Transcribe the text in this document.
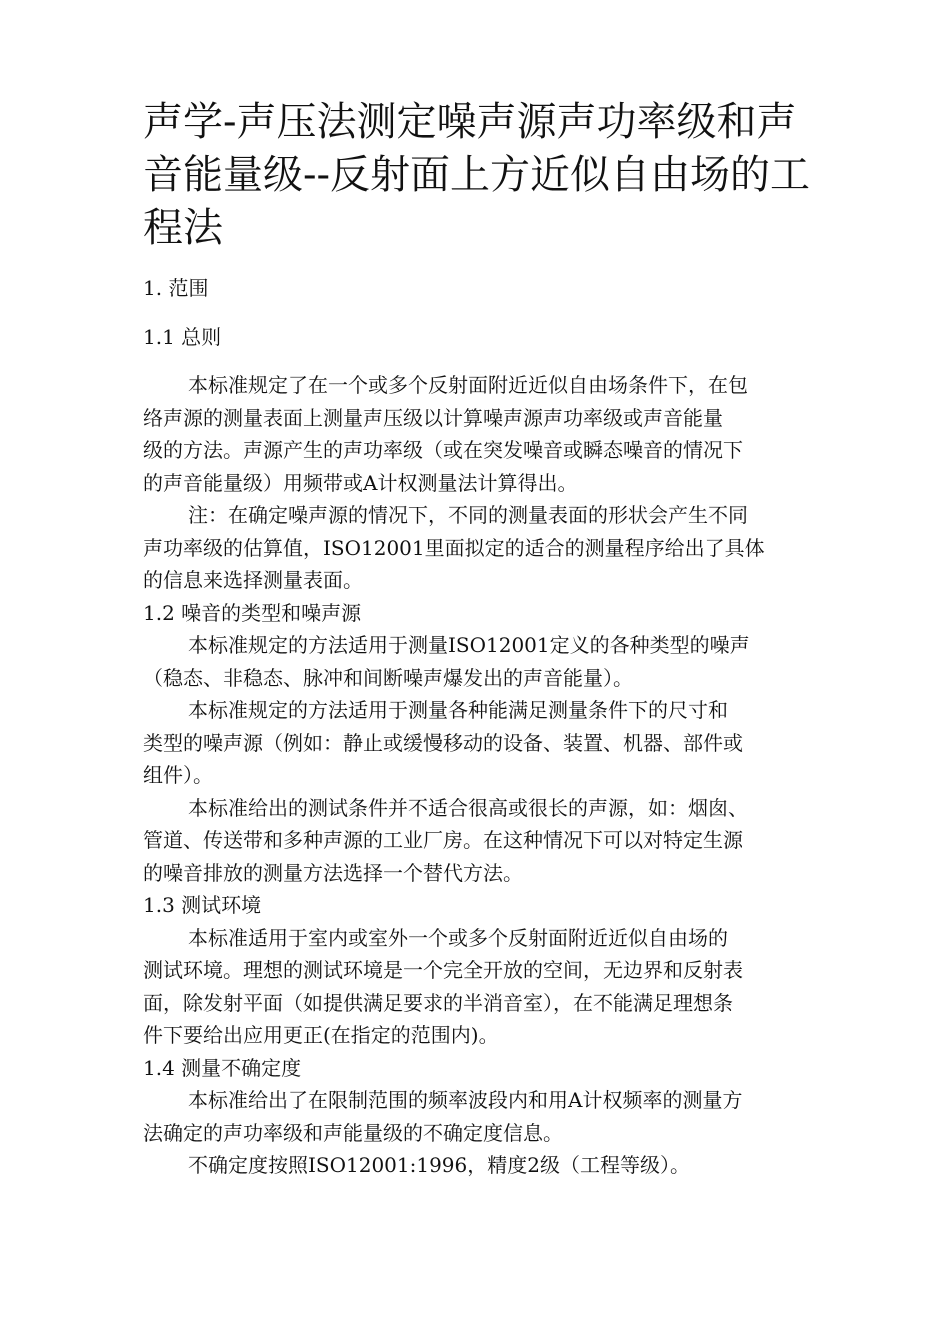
声学-声压法测定噪声源声功率级和声
音能量级--反射面上方近似自由场的工
程法
1. 范围
1.1 总则
本标准规定了在一个或多个反射面附近近似自由场条件下，在包
络声源的测量表面上测量声压级以计算噪声源声功率级或声音能量
级的方法。声源产生的声功率级（或在突发噪音或瞬态噪音的情况下
的声音能量级）用频带或A计权测量法计算得出。
注：在确定噪声源的情况下，不同的测量表面的形状会产生不同
声功率级的估算值，ISO12001里面拟定的适合的测量程序给出了具体
的信息来选择测量表面。
1.2 噪音的类型和噪声源
本标准规定的方法适用于测量ISO12001定义的各种类型的噪声
（稳态、非稳态、脉冲和间断噪声爆发出的声音能量）。
本标准规定的方法适用于测量各种能满足测量条件下的尺寸和
类型的噪声源（例如：静止或缓慢移动的设备、装置、机器、部件或
组件）。
本标准给出的测试条件并不适合很高或很长的声源，如：烟囱、
管道、传送带和多种声源的工业厂房。在这种情况下可以对特定生源
的噪音排放的测量方法选择一个替代方法。
1.3 测试环境
本标准适用于室内或室外一个或多个反射面附近近似自由场的
测试环境。理想的测试环境是一个完全开放的空间，无边界和反射表
面，除发射平面（如提供满足要求的半消音室），在不能满足理想条
件下要给出应用更正(在指定的范围内)。
1.4 测量不确定度
本标准给出了在限制范围的频率波段内和用A计权频率的测量方
法确定的声功率级和声能量级的不确定度信息。
不确定度按照ISO12001:1996，精度2级（工程等级）。
